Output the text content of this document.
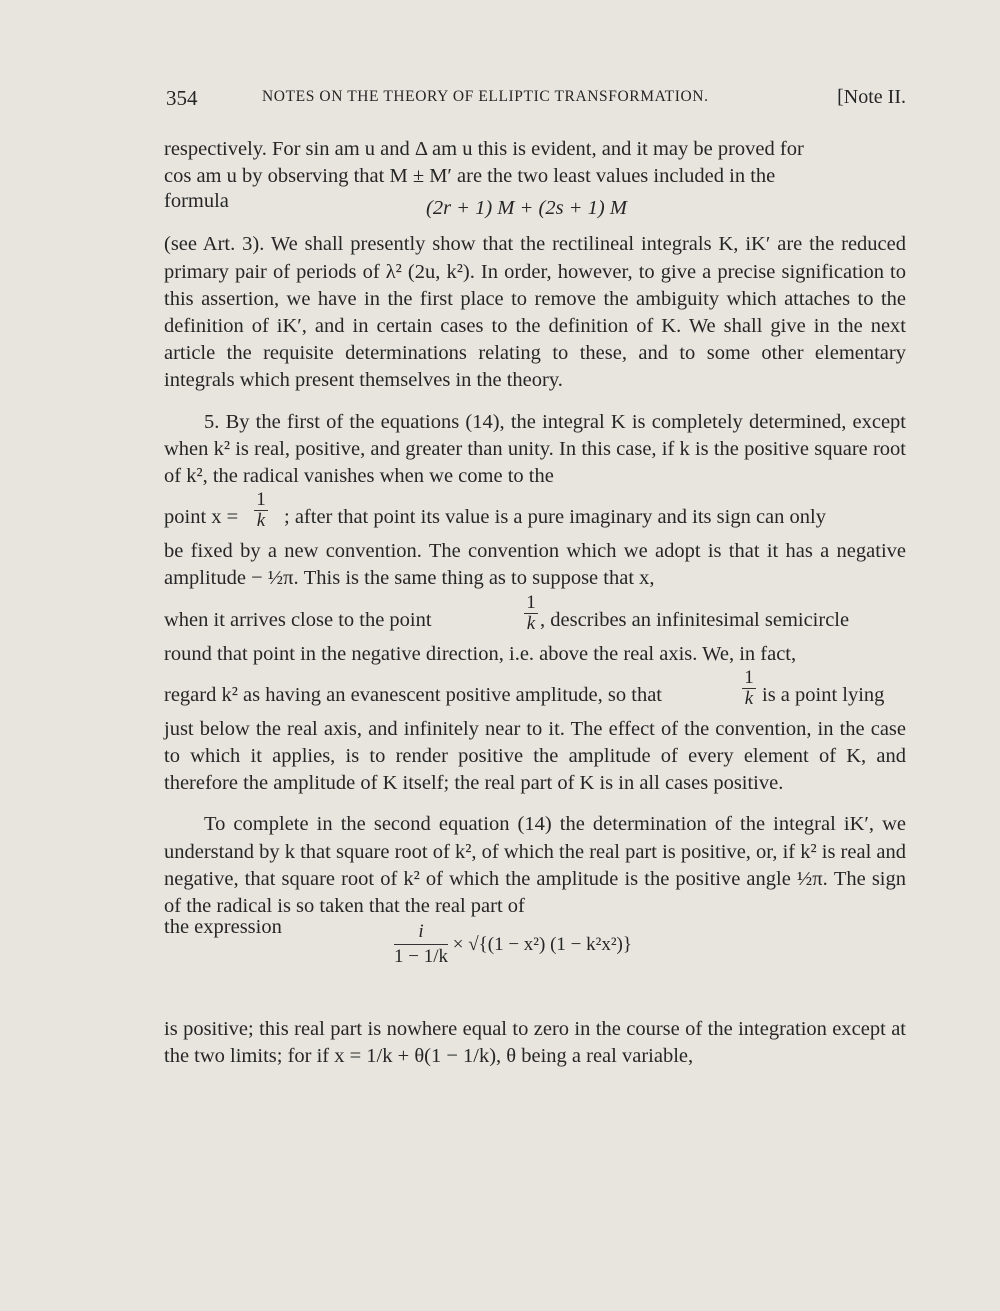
354	NOTES ON THE THEORY OF ELLIPTIC TRANSFORMATION.	[Note II.

respectively. For sin am u and Δ am u this is evident, and it may be proved for

cos am u by observing that M ± M′ are the two least values included in the

formula	(2r + 1) M + (2s + 1) M

(see Art. 3). We shall presently show that the rectilineal integrals K, iK′ are the reduced primary pair of periods of λ² (2u, k²). In order, however, to give a precise signification to this assertion, we have in the first place to remove the ambiguity which attaches to the definition of iK′, and in certain cases to the definition of K. We shall give in the next article the requisite determinations relating to these, and to some other elementary integrals which present themselves in the theory.

5. By the first of the equations (14), the integral K is completely determined, except when k² is real, positive, and greater than unity. In this case, if k is the positive square root of k², the radical vanishes when we come to the

point x =
1
k ; after that point its value is a pure imaginary and its sign can only

be fixed by a new convention. The convention which we adopt is that it has a negative amplitude − ½π. This is the same thing as to suppose that x,

when it arrives close to the point
1
k , describes an infinitesimal semicircle

round that point in the negative direction, i.e. above the real axis. We, in fact,

regard k² as having an evanescent positive amplitude, so that
1
k is a point lying

just below the real axis, and infinitely near to it. The effect of the convention, in the case to which it applies, is to render positive the amplitude of every element of K, and therefore the amplitude of K itself; the real part of K is in all cases positive.

To complete in the second equation (14) the determination of the integral iK′, we understand by k that square root of k², of which the real part is positive, or, if k² is real and negative, that square root of k² of which the amplitude is the positive angle ½π. The sign of the radical is so taken that the real part of

the expression	$\frac{i}{1 - 1/k} \times √\{(1 - x^2) (1 - k^2x^2)\}$

is positive; this real part is nowhere equal to zero in the course of the integration except at the two limits; for if x = 1/k + θ(1 − 1/k), θ being a real variable,
